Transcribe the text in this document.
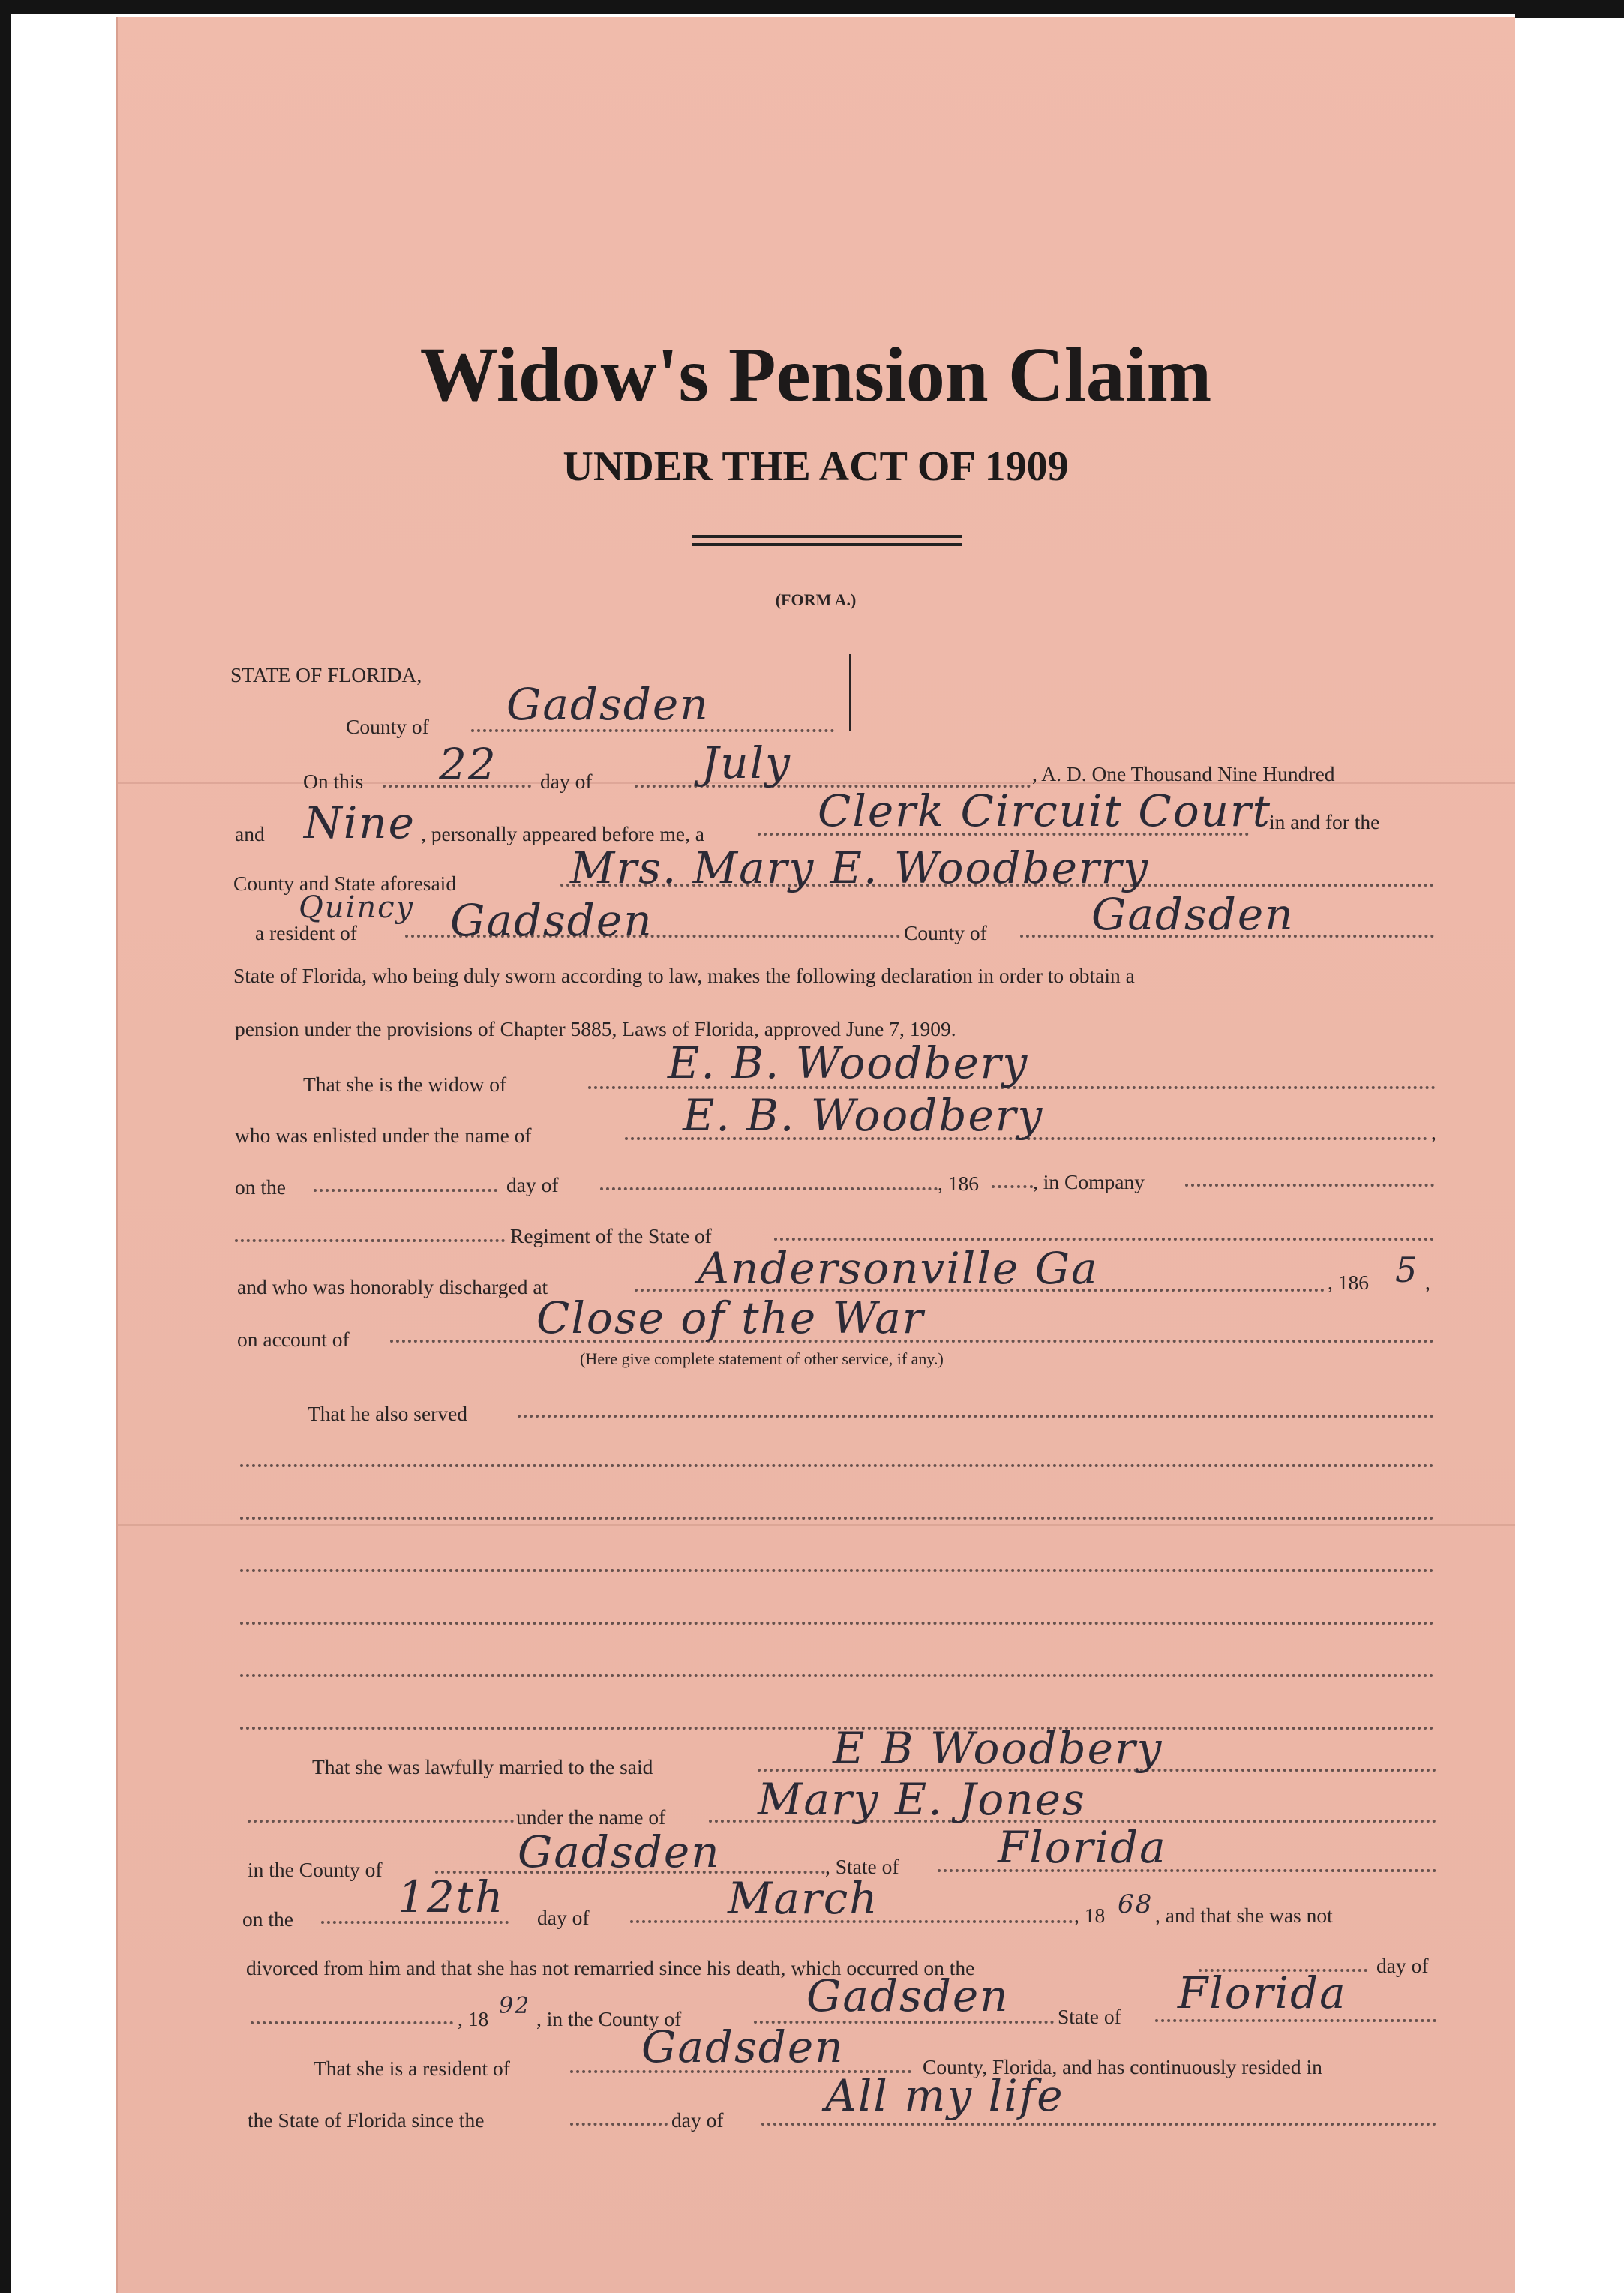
Widow's Pension Claim
UNDER THE ACT OF 1909
(FORM A.)
STATE OF FLORIDA,
County of Gadsden
On this 22 day of	July	, A. D. One Thousand Nine Hundred
and Nine , personally appeared before me, a	Clerk Circuit Court
in and for the
County and State aforesaid	Mrs. Mary E. Woodberry
Quincy
a resident of Gadsden	County of Gadsden
State of Florida, who being duly sworn according to law, makes the following declaration in order to obtain a
pension under the provisions of Chapter 5885, Laws of Florida, approved June 7, 1909.
That she is the widow of	E. B. Woodbery
who was enlisted under the name of	E. B. Woodbery	,
on the	day of	, 186	, in Company
Regiment of the State of
and who was honorably discharged at	Andersonville Ga	, 186 5 ,
on account of	Close of the War
(Here give complete statement of other service, if any.)
That he also served
That she was lawfully married to the said	E B Woodbery
under the name of Mary E. Jones
in the County of	Gadsden	, State of Florida
on the 12th day of	March	, 18 68 , and that she was not
divorced from him and that she has not remarried since his death, which occurred on the	day of
, 18 92 , in the County of	Gadsden State of Florida
That she is a resident of	Gadsden	County, Florida, and has continuously resided in
the State of Florida since the	day of All my life
